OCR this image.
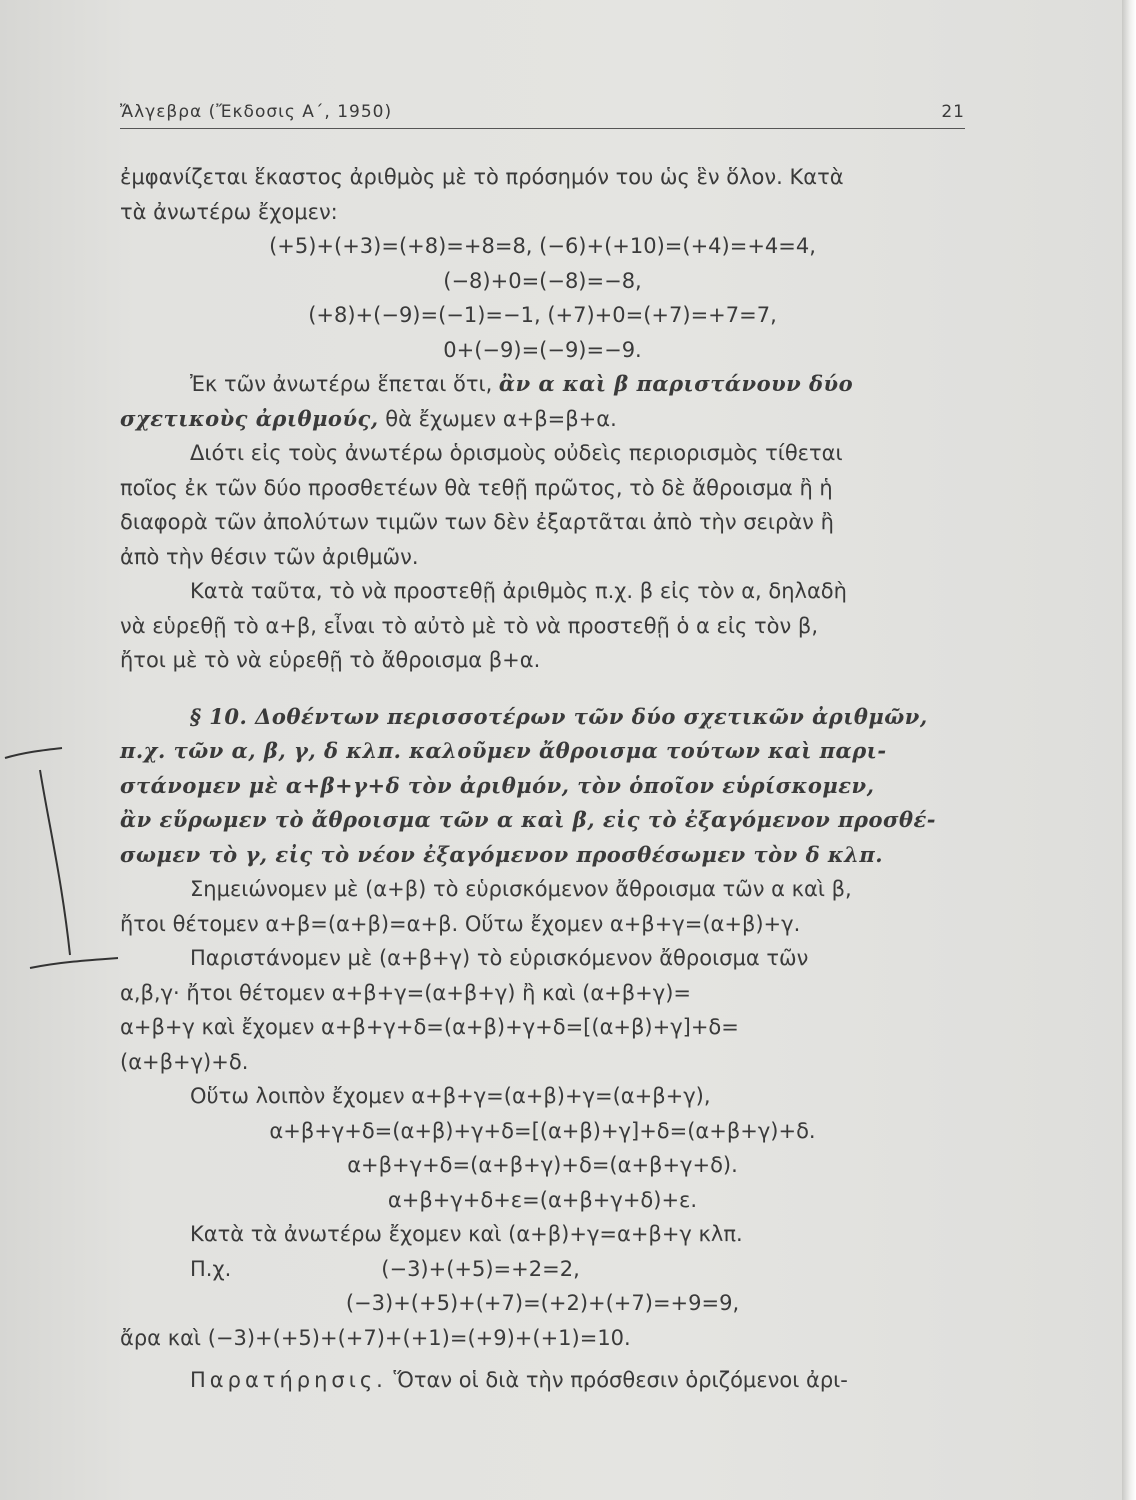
Ἄλγεβρα (Ἔκδοσις Α΄, 1950)	21

ἐμφανίζεται ἕκαστος ἀριθμὸς μὲ τὸ πρόσημόν του ὡς ἓν ὅλον. Κατὰ

τὰ ἀνωτέρω ἔχομεν:

(+5)+(+3)=(+8)=+8=8, (−6)+(+10)=(+4)=+4=4,

(−8)+0=(−8)=−8,

(+8)+(−9)=(−1)=−1, (+7)+0=(+7)=+7=7,

0+(−9)=(−9)=−9.

Ἐκ τῶν ἀνωτέρω ἕπεται ὅτι, ἂν α καὶ β παριστάνουν δύο

σχετικοὺς ἀριθμούς, θὰ ἔχωμεν α+β=β+α.

Διότι εἰς τοὺς ἀνωτέρω ὁρισμοὺς οὐδεὶς περιορισμὸς τίθεται

ποῖος ἐκ τῶν δύο προσθετέων θὰ τεθῇ πρῶτος, τὸ δὲ ἄθροισμα ἢ ἡ

διαφορὰ τῶν ἀπολύτων τιμῶν των δὲν ἐξαρτᾶται ἀπὸ τὴν σειρὰν ἢ

ἀπὸ τὴν θέσιν τῶν ἀριθμῶν.

Κατὰ ταῦτα, τὸ νὰ προστεθῇ ἀριθμὸς π.χ. β εἰς τὸν α, δηλαδὴ

νὰ εὑρεθῇ τὸ α+β, εἶναι τὸ αὐτὸ μὲ τὸ νὰ προστεθῇ ὁ α εἰς τὸν β,

ἤτοι μὲ τὸ νὰ εὑρεθῇ τὸ ἄθροισμα β+α.

§ 10. Δοθέντων περισσοτέρων τῶν δύο σχετικῶν ἀριθμῶν,

π.χ. τῶν α, β, γ, δ κλπ. καλοῦμεν ἄθροισμα τούτων καὶ παρι-

στάνομεν μὲ α+β+γ+δ τὸν ἀριθμόν, τὸν ὁποῖον εὑρίσκομεν,

ἂν εὕρωμεν τὸ ἄθροισμα τῶν α καὶ β, εἰς τὸ ἐξαγόμενον προσθέ-

σωμεν τὸ γ, εἰς τὸ νέον ἐξαγόμενον προσθέσωμεν τὸν δ κλπ.

Σημειώνομεν μὲ (α+β) τὸ εὑρισκόμενον ἄθροισμα τῶν α καὶ β,

ἤτοι θέτομεν α+β=(α+β)=α+β. Οὕτω ἔχομεν α+β+γ=(α+β)+γ.

Παριστάνομεν μὲ (α+β+γ) τὸ εὑρισκόμενον ἄθροισμα τῶν

α,β,γ· ἤτοι θέτομεν α+β+γ=(α+β+γ) ἢ καὶ (α+β+γ)=

α+β+γ καὶ ἔχομεν α+β+γ+δ=(α+β)+γ+δ=[(α+β)+γ]+δ=

(α+β+γ)+δ.

Οὕτω λοιπὸν ἔχομεν α+β+γ=(α+β)+γ=(α+β+γ),

α+β+γ+δ=(α+β)+γ+δ=[(α+β)+γ]+δ=(α+β+γ)+δ.

α+β+γ+δ=(α+β+γ)+δ=(α+β+γ+δ).

α+β+γ+δ+ε=(α+β+γ+δ)+ε.

Κατὰ τὰ ἀνωτέρω ἔχομεν καὶ (α+β)+γ=α+β+γ κλπ.

Π.χ.	(−3)+(+5)=+2=2,

(−3)+(+5)+(+7)=(+2)+(+7)=+9=9,

ἄρα καὶ (−3)+(+5)+(+7)+(+1)=(+9)+(+1)=10.

Παρατήρησις. Ὅταν οἱ διὰ τὴν πρόσθεσιν ὁριζόμενοι ἀρι-
